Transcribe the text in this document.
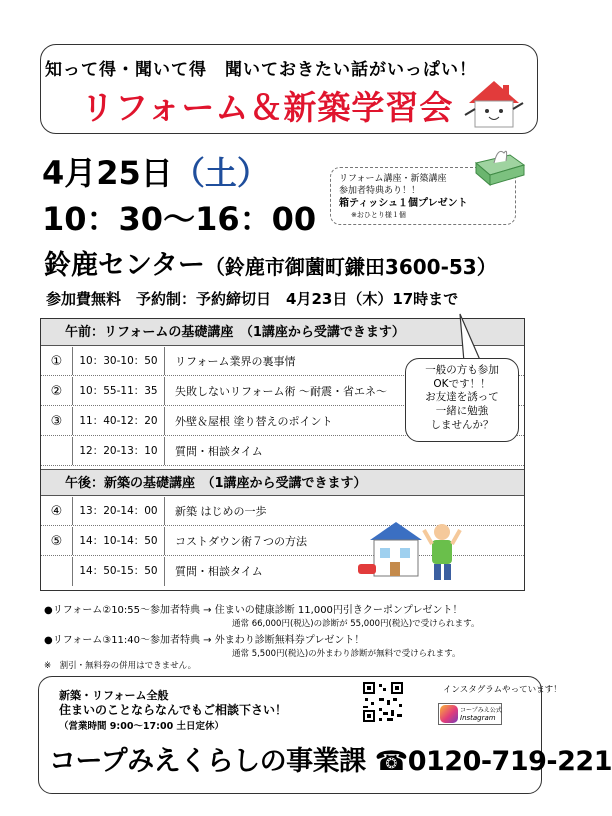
知って得・聞いて得　聞いておきたい話がいっぱい！
リフォーム＆新築学習会
4月25日（土）
10：30〜16：00
鈴鹿センター（鈴鹿市御薗町鎌田3600-53）
参加費無料　予約制：予約締切日　4月23日（木）17時まで
リフォーム講座・新築講座
参加者特典あり！！
箱ティッシュ１個プレゼント
※おひとり様１個
午前：リフォームの基礎講座　（1講座から受講できます）
①	10：30-10：50	リフォーム業界の裏事情
②	10：55-11：35	失敗しないリフォーム術 〜耐震・省エネ〜
③	11：40-12：20	外壁＆屋根 塗り替えのポイント
12：20-13：10	質問・相談タイム
午後：新築の基礎講座　（1講座から受講できます）
④	13：20-14：00	新築 はじめの一歩
⑤	14：10-14：50	コストダウン術７つの方法
14：50-15：50	質問・相談タイム
一般の方も参加
OKです！！
お友達を誘って
一緒に勉強
しませんか？
●リフォーム②10:55〜参加者特典 → 住まいの健康診断 11,000円引きクーポンプレゼント！
通常 66,000円(税込)の診断が 55,000円(税込)で受けられます。
●リフォーム③11:40〜参加者特典 → 外まわり診断無料券プレゼント！
通常 5,500円(税込)の外まわり診断が無料で受けられます。
※　割引・無料券の併用はできません。
新築・リフォーム全般
住まいのことならなんでもご相談下さい！
（営業時間 9:00〜17:00 土日定休）
インスタグラムやっています！
コープみえくらしの事業課 ☎0120-719-221
コープみえ公式
Instagram
